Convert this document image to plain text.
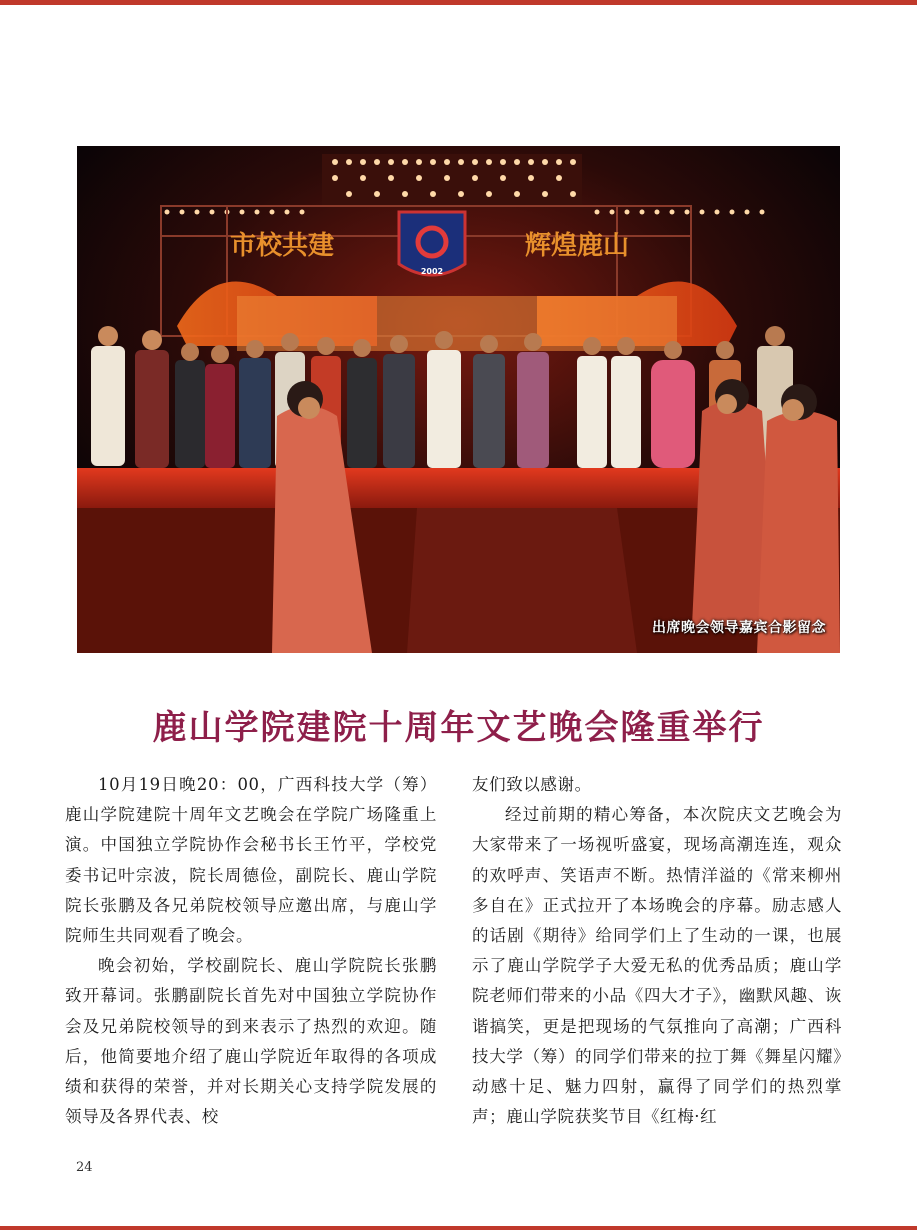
市校共建	辉煌鹿山
2002
出席晚会领导嘉宾合影留念
鹿山学院建院十周年文艺晚会隆重举行

10月19日晚20：00，广西科技大学（筹）鹿山学院建院十周年文艺晚会在学院广场隆重上演。中国独立学院协作会秘书长王竹平，学校党委书记叶宗波，院长周德俭，副院长、鹿山学院院长张鹏及各兄弟院校领导应邀出席，与鹿山学院师生共同观看了晚会。

晚会初始，学校副院长、鹿山学院院长张鹏致开幕词。张鹏副院长首先对中国独立学院协作会及兄弟院校领导的到来表示了热烈的欢迎。随后，他简要地介绍了鹿山学院近年取得的各项成绩和获得的荣誉，并对长期关心支持学院发展的领导及各界代表、校

友们致以感谢。

经过前期的精心筹备，本次院庆文艺晚会为大家带来了一场视听盛宴，现场高潮连连，观众的欢呼声、笑语声不断。热情洋溢的《常来柳州多自在》正式拉开了本场晚会的序幕。励志感人的话剧《期待》给同学们上了生动的一课，也展示了鹿山学院学子大爱无私的优秀品质；鹿山学院老师们带来的小品《四大才子》，幽默风趣、诙谐搞笑，更是把现场的气氛推向了高潮；广西科技大学（筹）的同学们带来的拉丁舞《舞星闪耀》动感十足、魅力四射，赢得了同学们的热烈掌声；鹿山学院获奖节目《红梅·红

24
